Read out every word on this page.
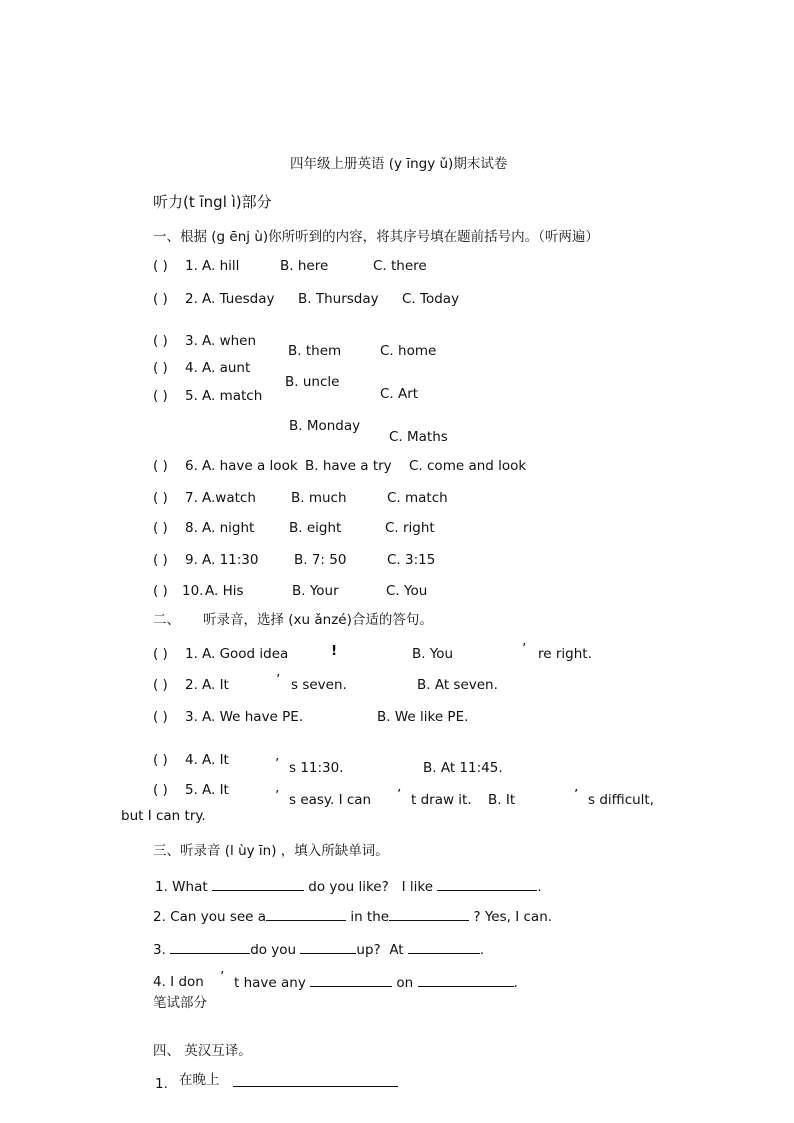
四年级上册英语 (y īngy ǔ)期末试卷
听力(t īngl ì)部分
一、根据 (g ēnj ù)你所听到的内容，将其序号填在题前括号内。（听两遍）
( ) 1. A. hill	B. here	C. there
( ) 2. A. Tuesday B. Thursday C. Today
( ) 3. A. when
B. them	C. home
( ) 4. A. aunt
B. uncle
C. Art
( ) 5. A. match
B. Monday
C. Maths
( ) 6. A. have a look B. have a try C. come and look
( ) 7. A.watch	B. much	C. match
( ) 8. A. night	B. eight	C. right
( ) 9. A. 11:30	B. 7: 50	C. 3:15
( ) 10. A. His	B. Your	C. You
二、 听录音，选择 (xu ǎnzé)合适的答句。
( ) 1. A. Good idea	!	B. You	’ re right.
( ) 2. A. It	’ s seven.	B. At seven.
( ) 3. A. We have PE.	B. We like PE.
( ) 4. A. It	’ s 11:30.	B. At 11:45.
( ) 5. A. It	’ s easy. I can ’ t draw it. B. It	’ s difficult,
but I can try.
三、听录音 (l ùy īn) ，填入所缺单词。
1. What	do you like? I like	.
2. Can you see a	in the	? Yes, I can.
3.	do you	up? At	.
4. I don ’ t have any	on	.
笔试部分
四、 英汉互译。
1. 在晚上
